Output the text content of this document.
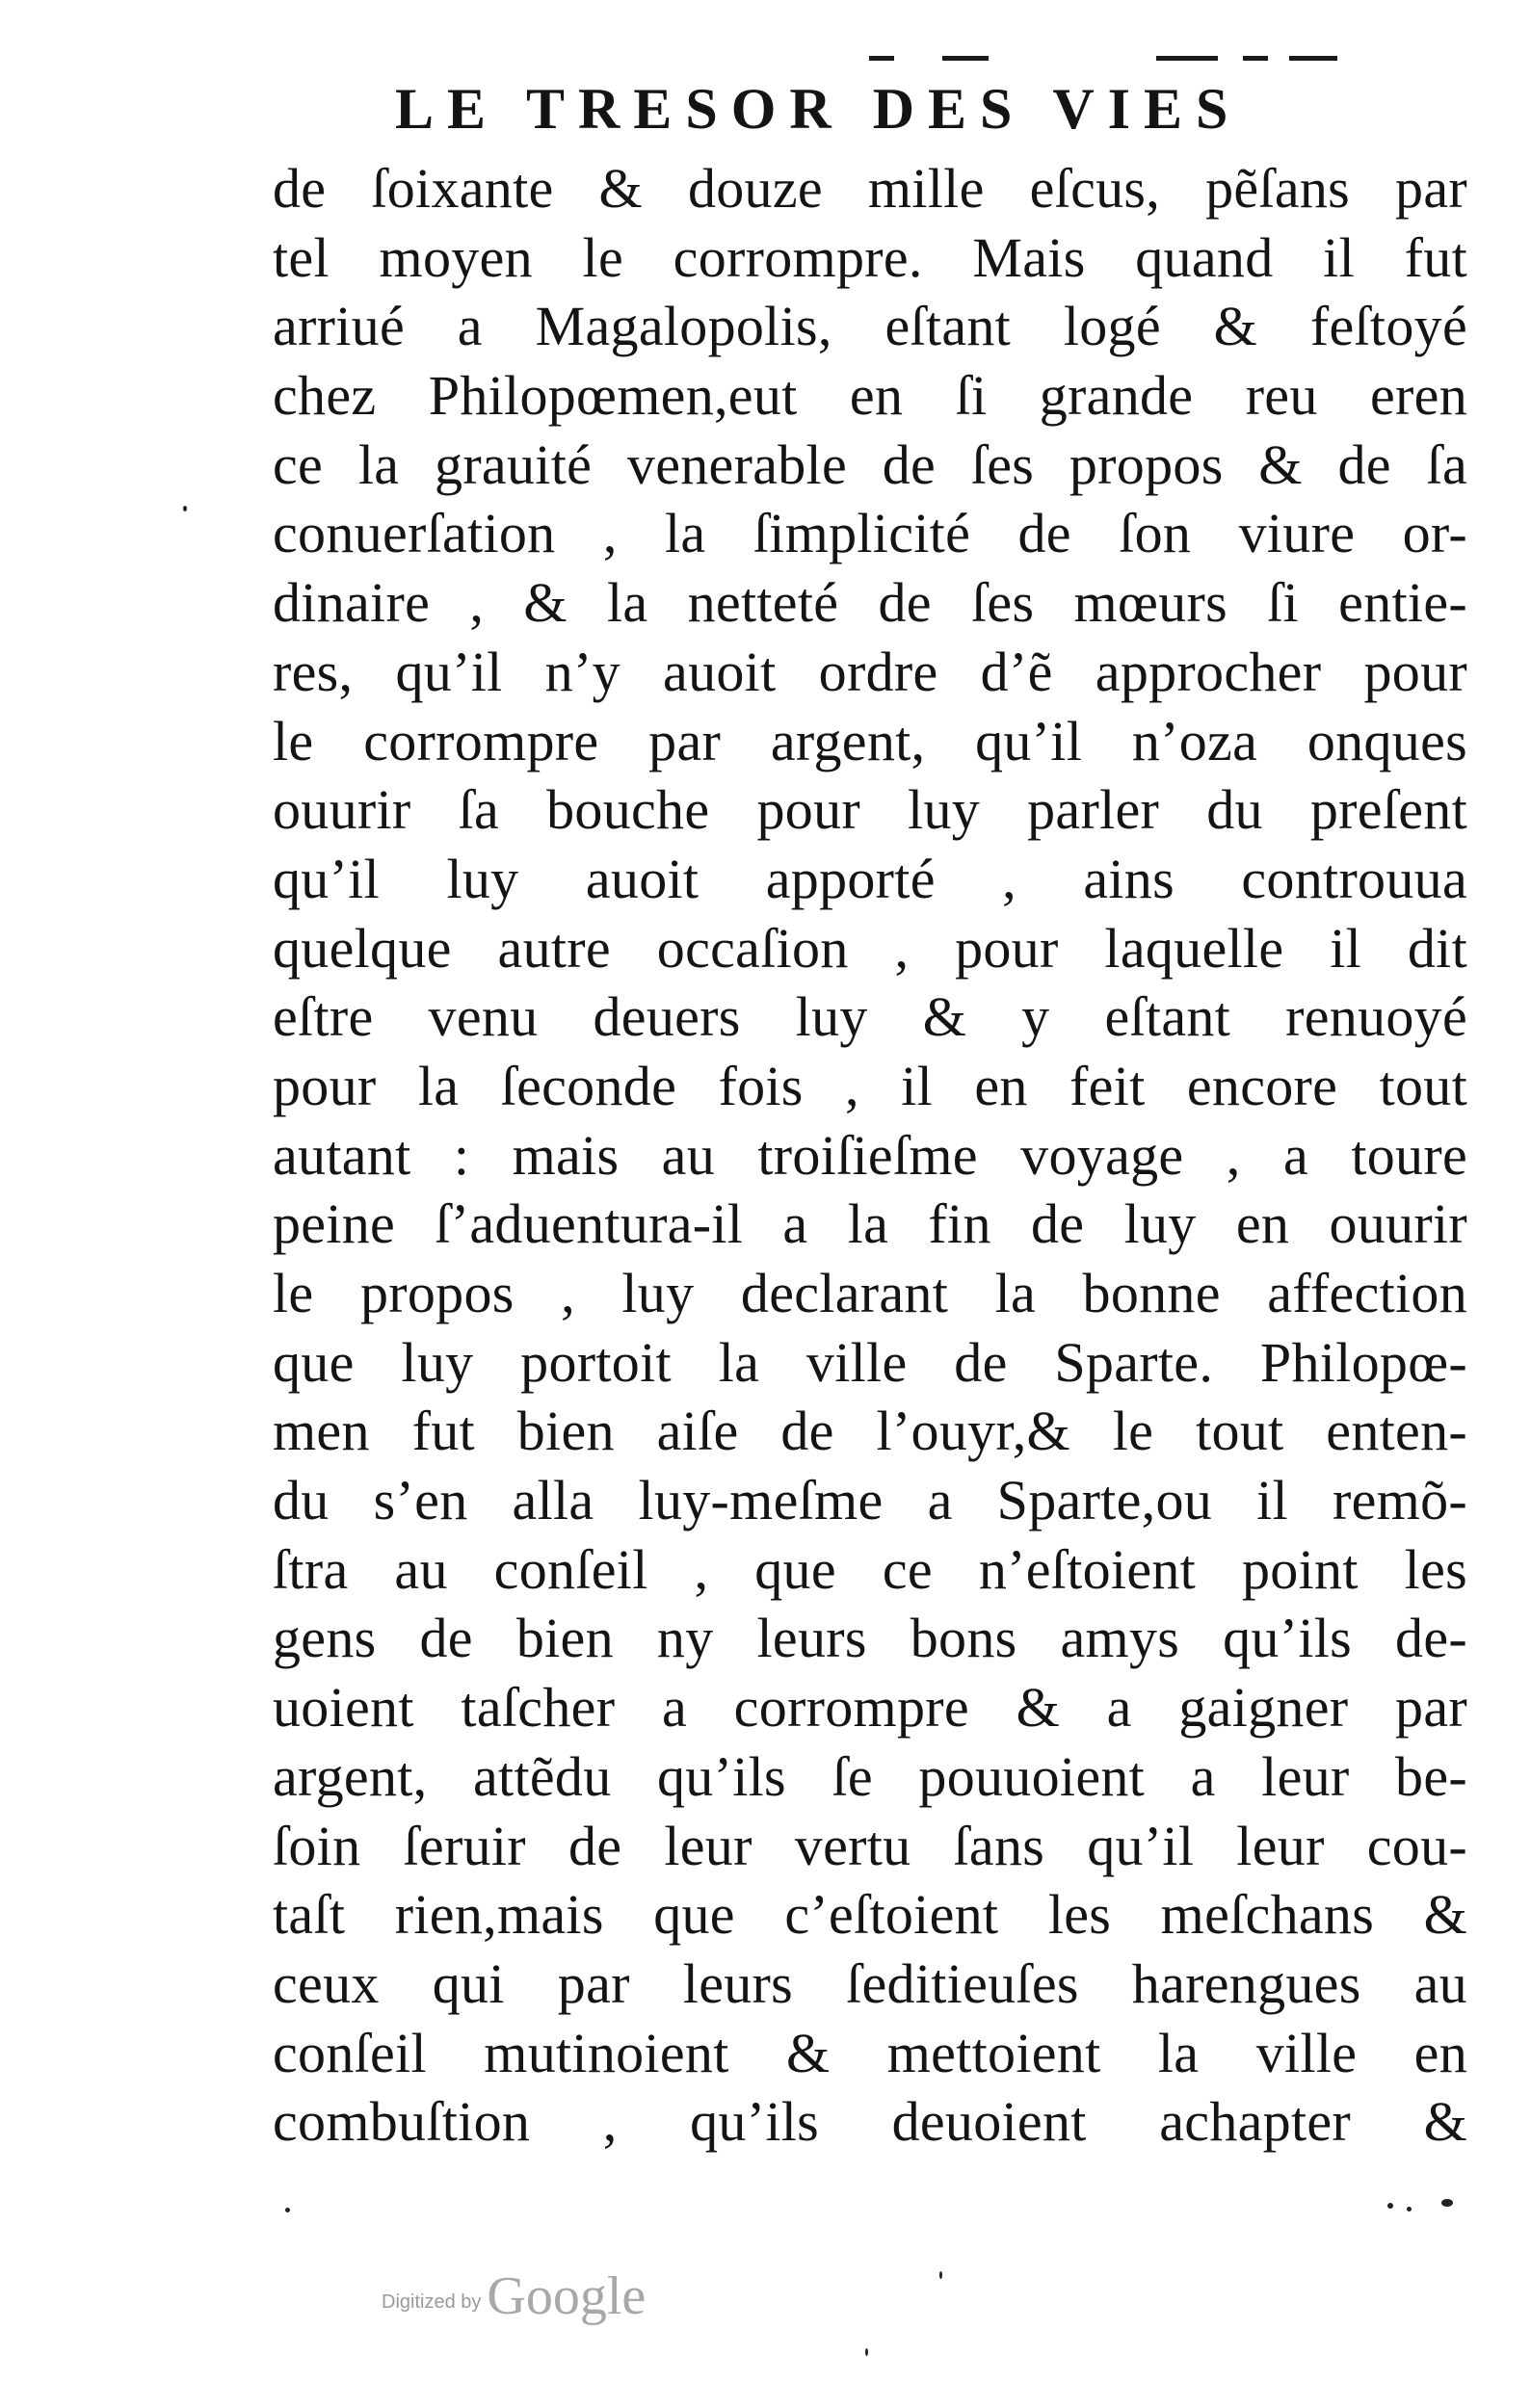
LE TRESOR DES VIES
de ſoixante & douze mille eſcus, pẽſans par
tel moyen le corrompre. Mais quand il fut
arriué a Magalopolis, eſtant logé & feſtoyé
chez Philopœmen,eut en ſi grande reu eren
ce la grauité venerable de ſes propos & de ſa
conuerſation , la ſimplicité de ſon viure or-
dinaire , & la netteté de ſes mœurs ſi entie-
res, qu’il n’y auoit ordre d’ẽ approcher pour
le corrompre par argent, qu’il n’oza onques
ouurir ſa bouche pour luy parler du preſent
qu’il luy auoit apporté , ains controuua
quelque autre occaſion , pour laquelle il dit
eſtre venu deuers luy & y eſtant renuoyé
pour la ſeconde fois , il en feit encore tout
autant : mais au troiſieſme voyage , a toure
peine ſ’aduentura-il a la fin de luy en ouurir
le propos , luy declarant la bonne affection
que luy portoit la ville de Sparte. Philopœ-
men fut bien aiſe de l’ouyr,& le tout enten-
du s’en alla luy-meſme a Sparte,ou il remõ-
ſtra au conſeil , que ce n’eſtoient point les
gens de bien ny leurs bons amys qu’ils de-
uoient taſcher a corrompre & a gaigner par
argent, attẽdu qu’ils ſe pouuoient a leur be-
ſoin ſeruir de leur vertu ſans qu’il leur cou-
taſt rien,mais que c’eſtoient les meſchans &
ceux qui par leurs ſeditieuſes harengues au
conſeil mutinoient & mettoient la ville en
combuſtion , qu’ils deuoient achapter &
Digitized by Google
